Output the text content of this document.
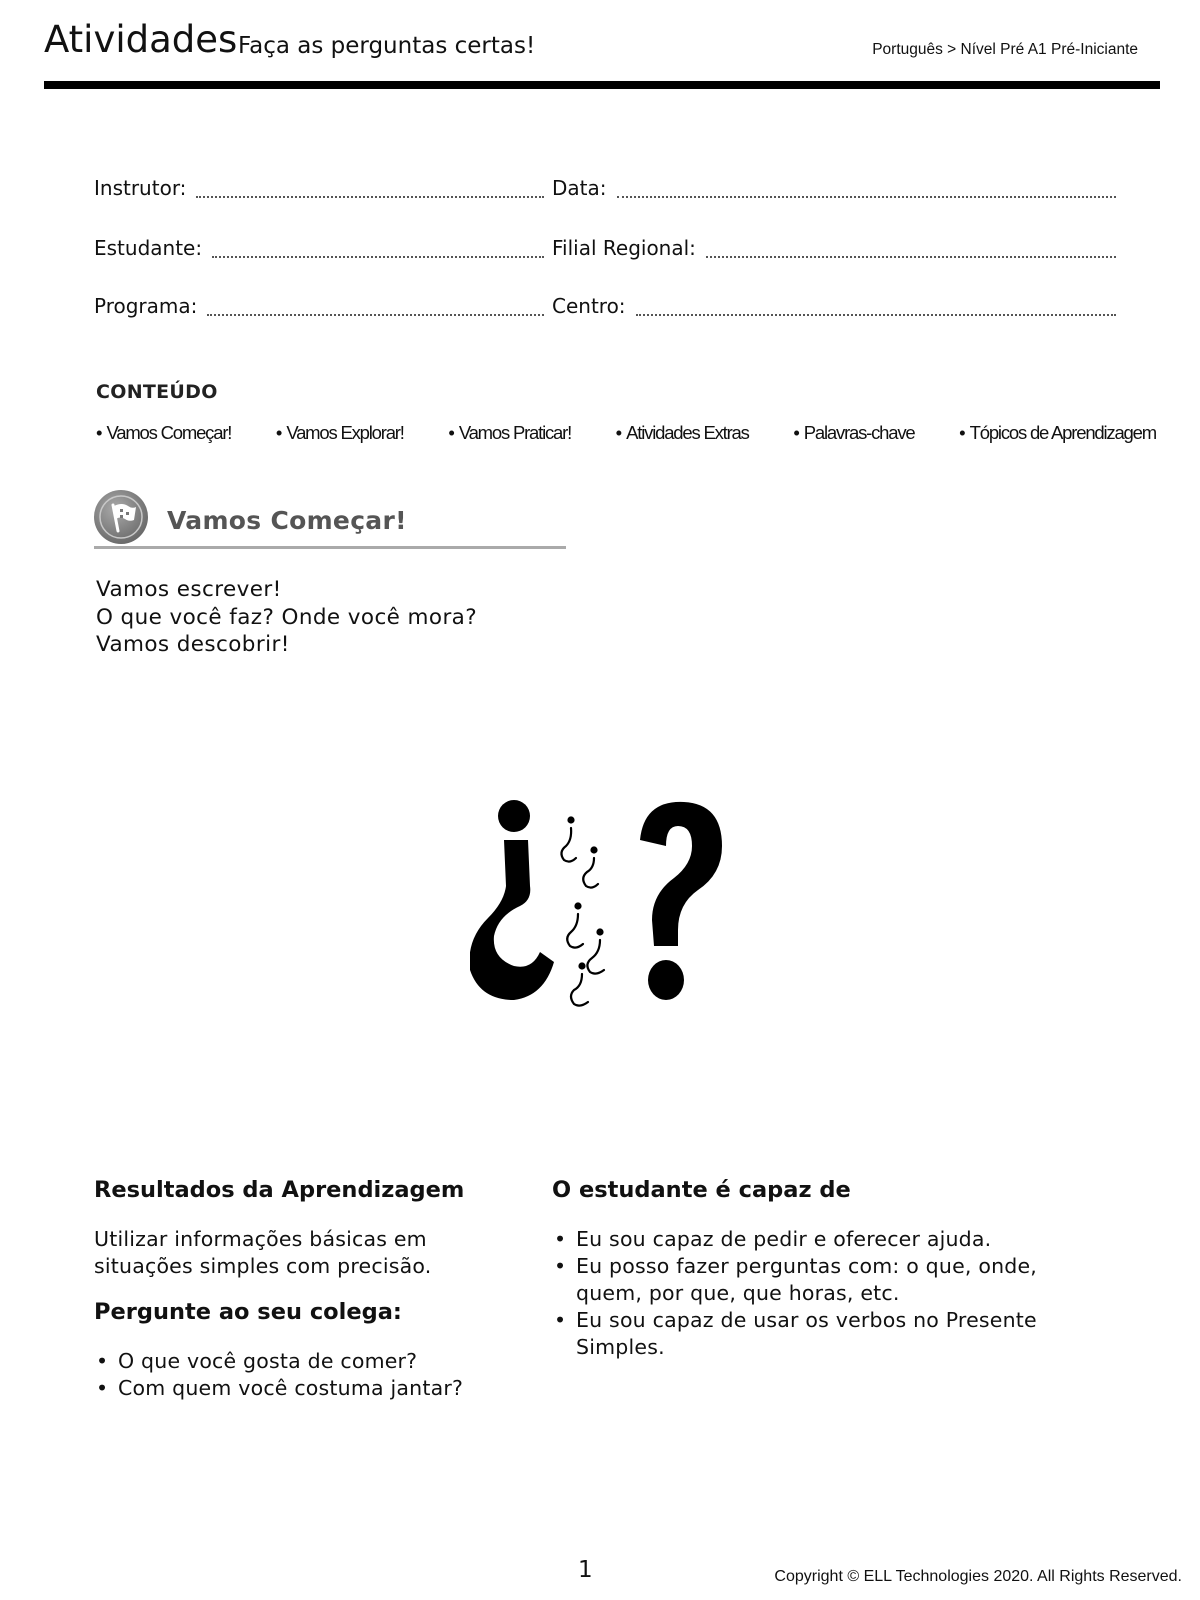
Atividades Faça as perguntas certas!	Português > Nível Pré A1 Pré-Iniciante
Instrutor:	Data:
Estudante:	Filial Regional:
Programa:	Centro:
CONTEÚDO
• Vamos Começar!	• Vamos Explorar!	• Vamos Praticar!	• Atividades Extras	• Palavras-chave	• Tópicos de Aprendizagem
Vamos Começar!
Vamos escrever!
O que você faz? Onde você mora?
Vamos descobrir!
Resultados da Aprendizagem
Utilizar informações básicas em situações simples com precisão.
Pergunte ao seu colega:
• O que você gosta de comer?
• Com quem você costuma jantar?
O estudante é capaz de
• Eu sou capaz de pedir e oferecer ajuda.
• Eu posso fazer perguntas com: o que, onde, quem, por que, que horas, etc.
• Eu sou capaz de usar os verbos no Presente Simples.
1	Copyright © ELL Technologies 2020. All Rights Reserved.
